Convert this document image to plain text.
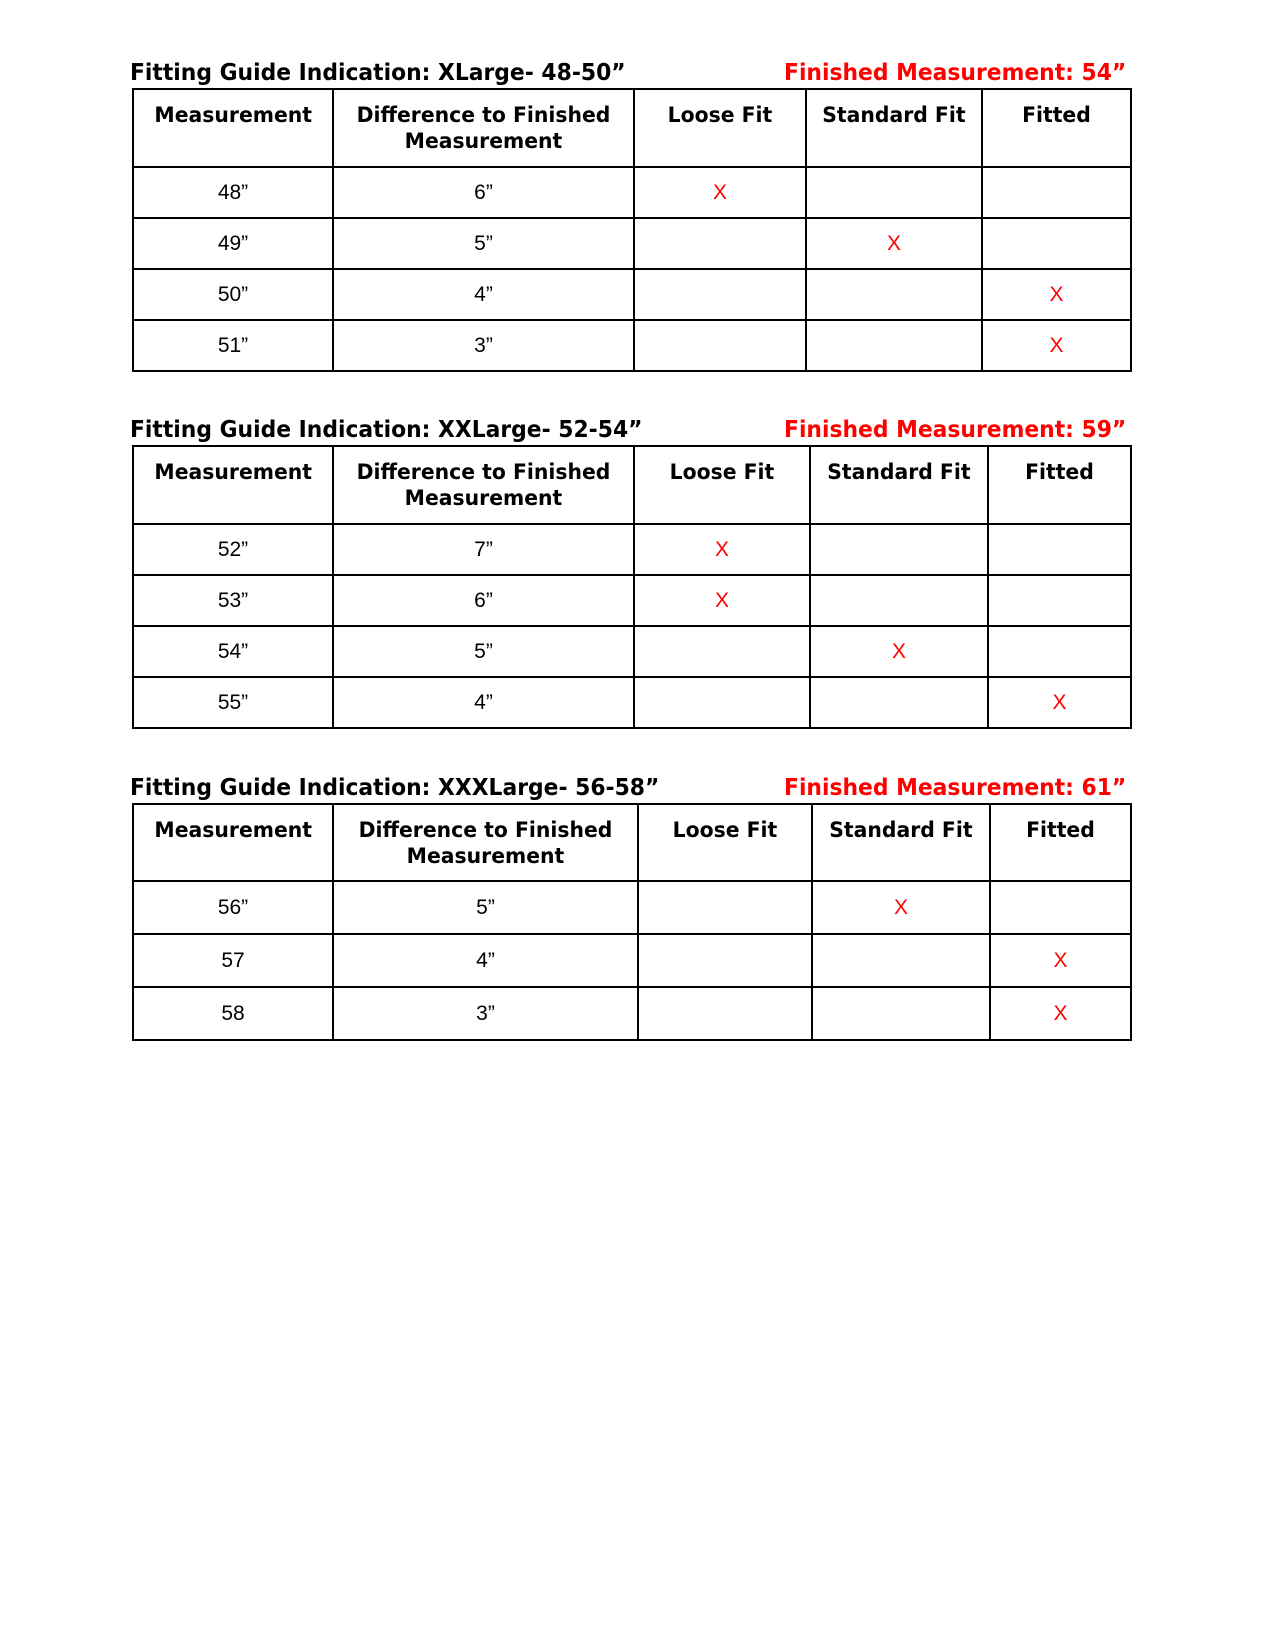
Fitting Guide Indication: XLarge- 48-50”	Finished Measurement: 54”
Measurement	Difference to Finished Measurement	Loose Fit	Standard Fit	Fitted
48”	6”	X		
49”	5”		X	
50”	4”			X
51”	3”			X
Fitting Guide Indication: XXLarge- 52-54”	Finished Measurement: 59”
Measurement	Difference to Finished Measurement	Loose Fit	Standard Fit	Fitted
52”	7”	X		
53”	6”	X		
54”	5”		X	
55”	4”			X
Fitting Guide Indication: XXXLarge- 56-58”	Finished Measurement: 61”
Measurement	Difference to Finished Measurement	Loose Fit	Standard Fit	Fitted
56”	5”		X	
57	4”			X
58	3”			X
